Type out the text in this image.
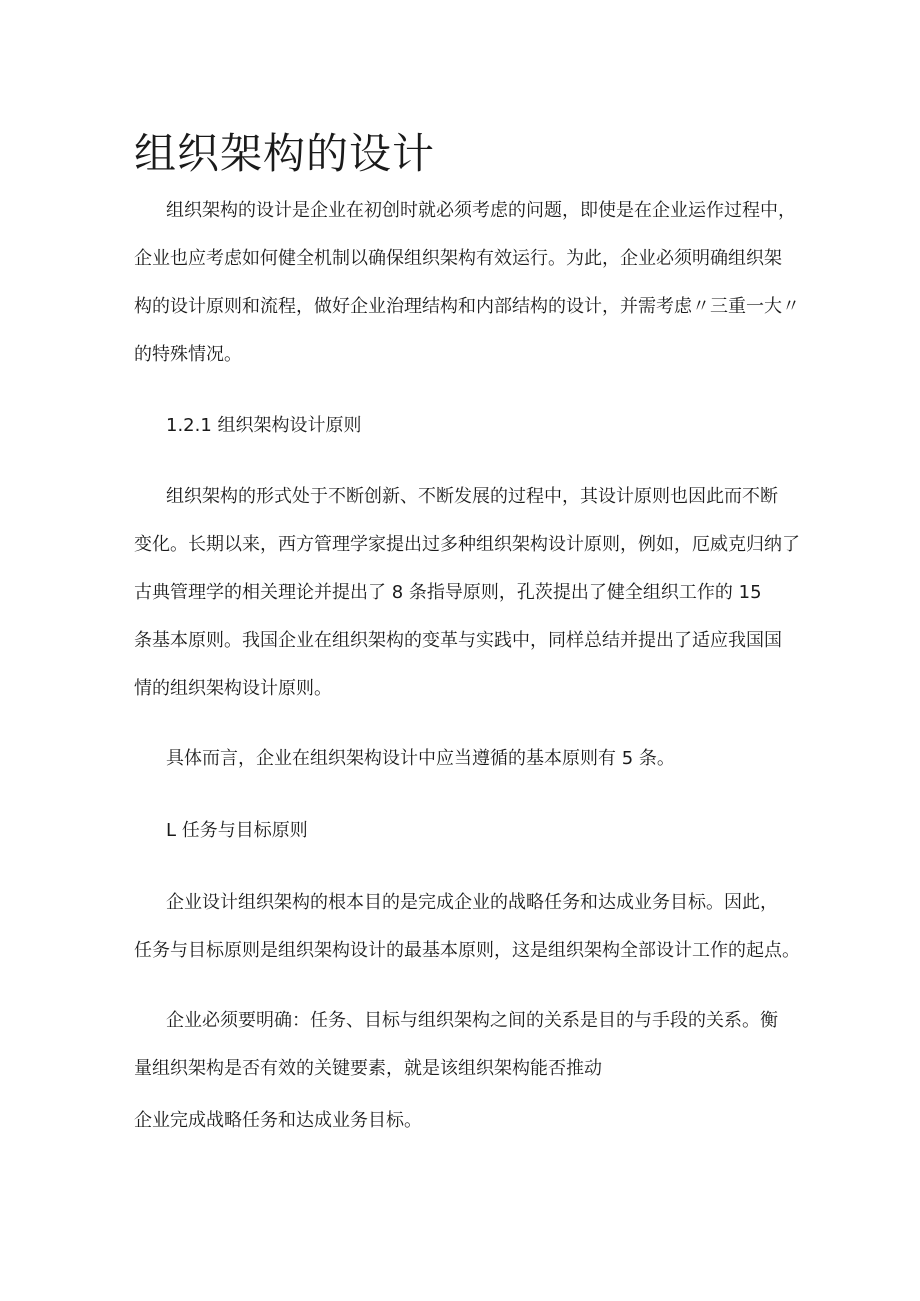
组织架构的设计

组织架构的设计是企业在初创时就必须考虑的问题，即使是在企业运作过程中，

企业也应考虑如何健全机制以确保组织架构有效运行。为此，企业必须明确组织架

构的设计原则和流程，做好企业治理结构和内部结构的设计，并需考虑〃三重一大〃

的特殊情况。

1.2.1 组织架构设计原则

组织架构的形式处于不断创新、不断发展的过程中，其设计原则也因此而不断

变化。长期以来，西方管理学家提出过多种组织架构设计原则，例如，厄威克归纳了

古典管理学的相关理论并提出了 8 条指导原则，孔茨提出了健全组织工作的 15

条基本原则。我国企业在组织架构的变革与实践中，同样总结并提出了适应我国国

情的组织架构设计原则。

具体而言，企业在组织架构设计中应当遵循的基本原则有 5 条。

L 任务与目标原则

企业设计组织架构的根本目的是完成企业的战略任务和达成业务目标。因此，

任务与目标原则是组织架构设计的最基本原则，这是组织架构全部设计工作的起点。

企业必须要明确：任务、目标与组织架构之间的关系是目的与手段的关系。衡

量组织架构是否有效的关键要素，就是该组织架构能否推动

企业完成战略任务和达成业务目标。
